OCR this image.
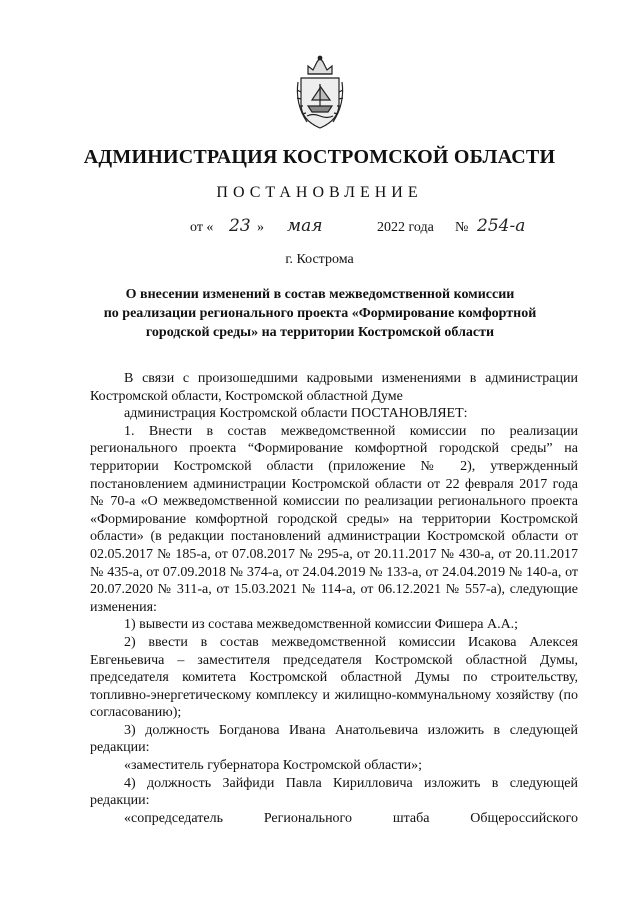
АДМИНИСТРАЦИЯ КОСТРОМСКОЙ ОБЛАСТИ
ПОСТАНОВЛЕНИЕ
от « 23 » мая	2022 года № 254-а
г. Кострома
О внесении изменений в состав межведомственной комиссии
по реализации регионального проекта «Формирование комфортной
городской среды» на территории Костромской области

В связи с произошедшими кадровыми изменениями в администрации Костромской области, Костромской областной Думе

администрация Костромской области ПОСТАНОВЛЯЕТ:

1. Внести в состав межведомственной комиссии по реализации регионального проекта “Формирование комфортной городской среды” на территории Костромской области (приложение № 2), утвержденный постановлением администрации Костромской области от 22 февраля 2017 года № 70-а «О межведомственной комиссии по реализации регионального проекта «Формирование комфортной городской среды» на территории Костромской области» (в редакции постановлений администрации Костромской области от 02.05.2017 № 185-а, от 07.08.2017 № 295-а, от 20.11.2017 № 430-а, от 20.11.2017 № 435-а, от 07.09.2018 № 374-а, от 24.04.2019 № 133-а, от 24.04.2019 № 140-а, от 20.07.2020 № 311-а, от 15.03.2021 № 114-а, от 06.12.2021 № 557-а), следующие изменения:

1) вывести из состава межведомственной комиссии Фишера А.А.;

2) ввести в состав межведомственной комиссии Исакова Алексея Евгеньевича – заместителя председателя Костромской областной Думы, председателя комитета Костромской областной Думы по строительству, топливно-энергетическому комплексу и жилищно-коммунальному хозяйству (по согласованию);

3) должность Богданова Ивана Анатольевича изложить в следующей редакции:

«заместитель губернатора Костромской области»;

4) должность Зайфиди Павла Кирилловича изложить в следующей редакции:

«сопредседатель Регионального штаба Общероссийского
